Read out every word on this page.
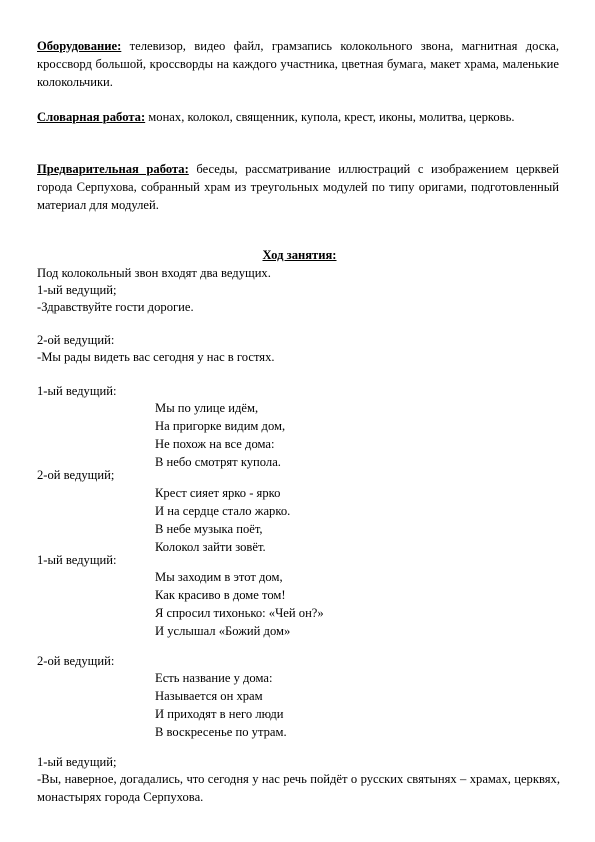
Оборудование: телевизор, видео файл, грамзапись колокольного звона, магнитная доска, кроссворд большой, кроссворды на каждого участника, цветная бумага, макет храма, маленькие колокольчики.
Словарная работа: монах, колокол, священник, купола, крест, иконы, молитва, церковь.
Предварительная работа: беседы, рассматривание иллюстраций с изображением церквей города Серпухова, собранный храм из треугольных модулей по типу оригами, подготовленный материал для модулей.
Ход занятия:
Под колокольный звон входят два ведущих.
1-ый ведущий;
-Здравствуйте гости дорогие.
2-ой ведущий:
-Мы рады видеть вас сегодня у нас в гостях.
1-ый ведущий:
Мы по улице идём,
На пригорке видим дом,
Не похож на все дома:
В небо смотрят купола.
2-ой ведущий;
Крест сияет ярко - ярко
И на сердце стало жарко.
В небе музыка поёт,
Колокол зайти зовёт.
1-ый ведущий:
Мы заходим в этот дом,
Как красиво в доме том!
Я спросил тихонько: «Чей он?»
И услышал «Божий дом»
2-ой ведущий:
Есть название у дома:
Называется он храм
И приходят в него люди
В воскресенье по утрам.
1-ый ведущий;
-Вы, наверное, догадались, что сегодня у нас речь пойдёт о русских святынях – храмах, церквях, монастырях города Серпухова.
